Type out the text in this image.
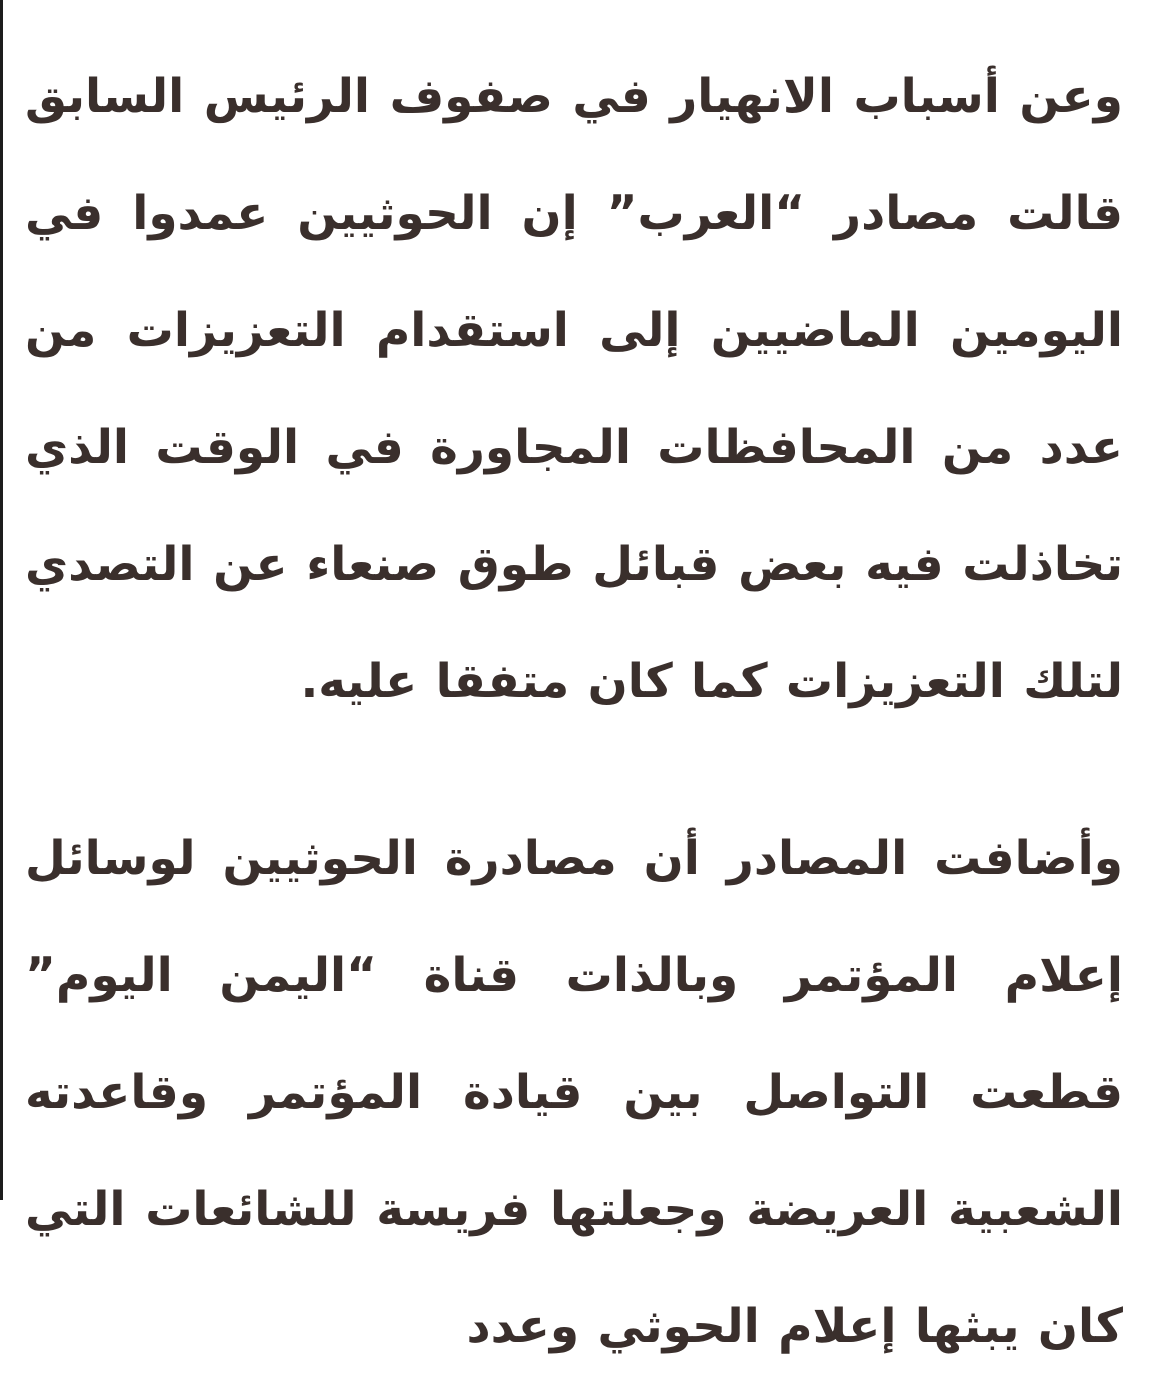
وعن أسباب الانهيار في صفوف الرئيس السابق قالت مصادر “العرب” إن الحوثيين عمدوا في اليومين الماضيين إلى استقدام التعزيزات من عدد من المحافظات المجاورة في الوقت الذي تخاذلت فيه بعض قبائل طوق صنعاء عن التصدي لتلك التعزيزات كما كان متفقا عليه.

وأضافت المصادر أن مصادرة الحوثيين لوسائل إعلام المؤتمر وبالذات قناة “اليمن اليوم” قطعت التواصل بين قيادة المؤتمر وقاعدته الشعبية العريضة وجعلتها فريسة للشائعات التي كان يبثها إعلام الحوثي وعدد
